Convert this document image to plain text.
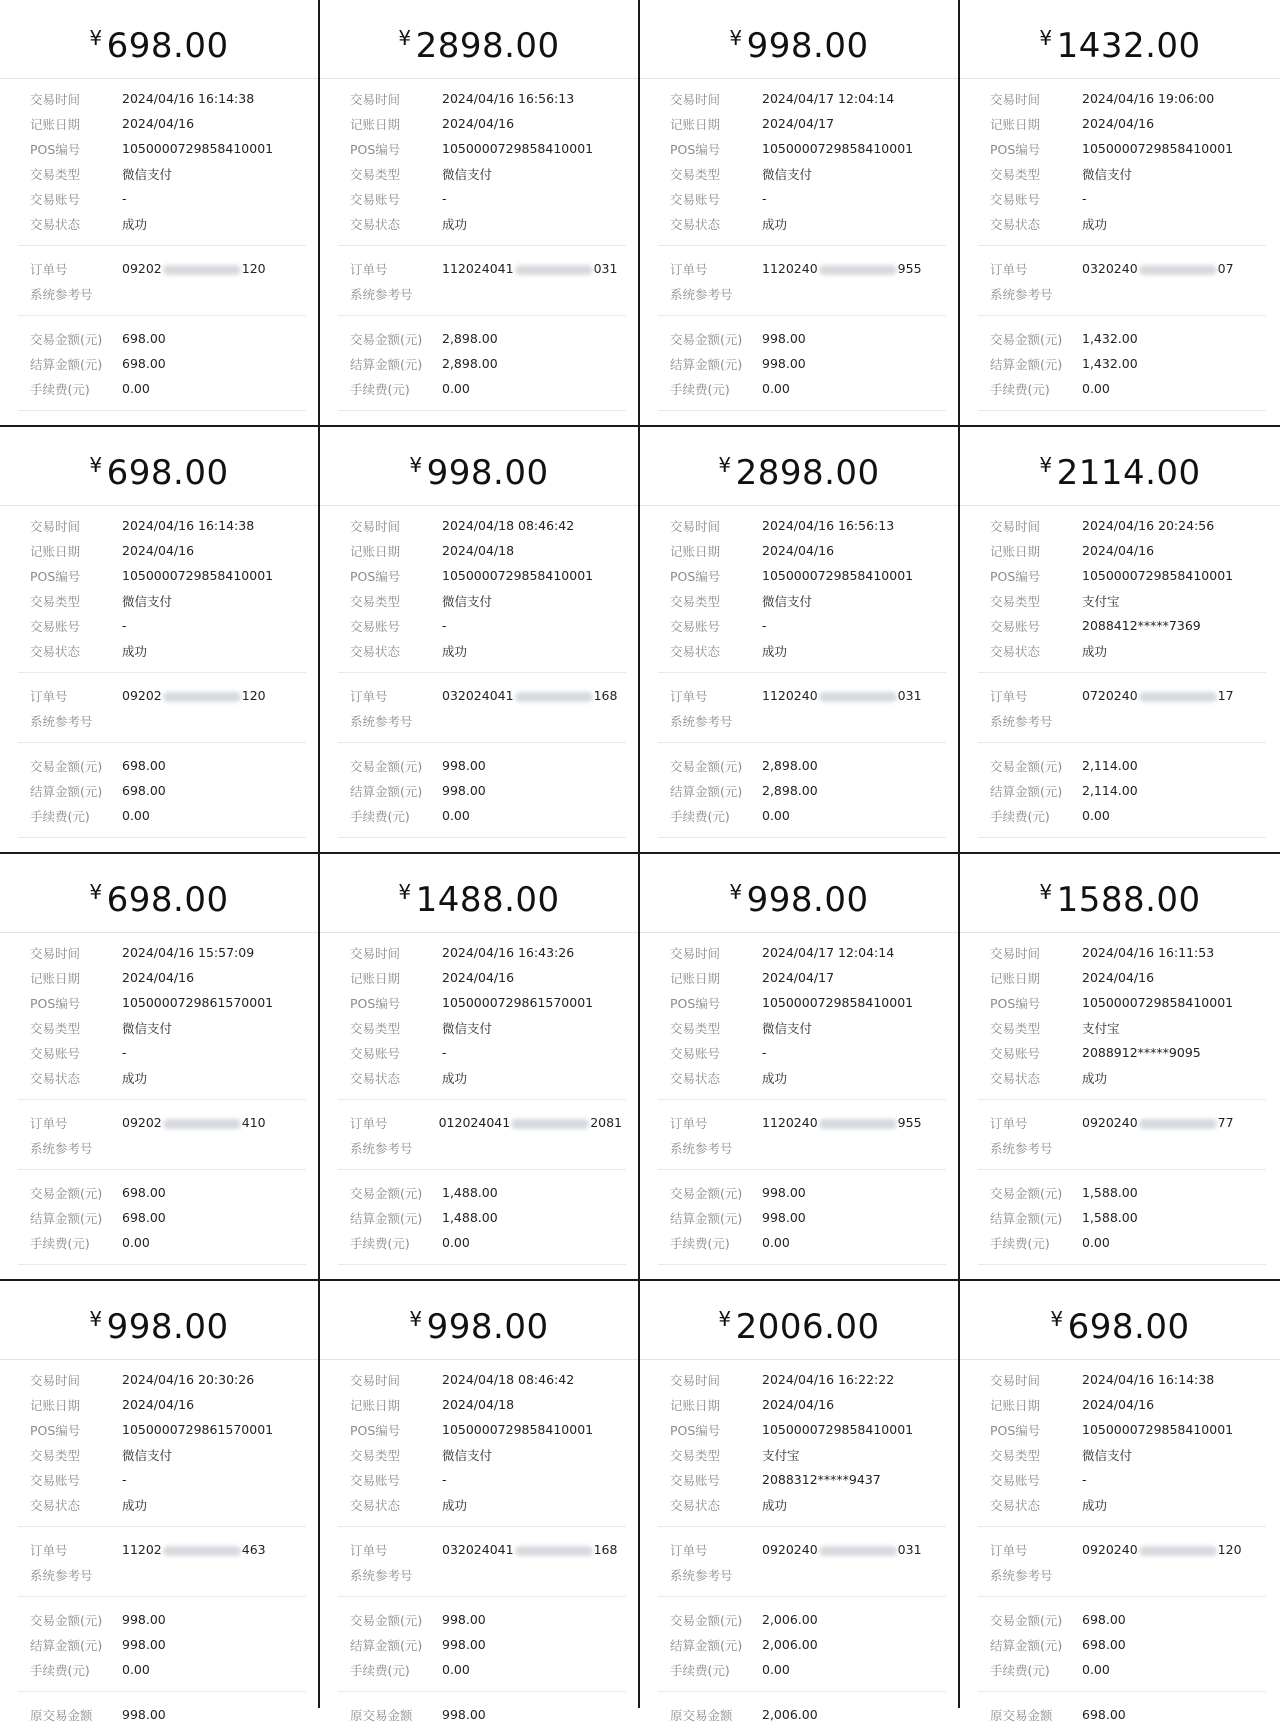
¥ 698.00
交易时间	2024/04/16 16:14:38
记账日期	2024/04/16
POS编号	1050000729858410001
交易类型	微信支付
交易账号	-
交易状态	成功
订单号	09202	120
系统参考号
交易金额(元)	698.00
结算金额(元)	698.00
手续费(元)	0.00
¥ 2898.00
交易时间	2024/04/16 16:56:13
记账日期	2024/04/16
POS编号	1050000729858410001
交易类型	微信支付
交易账号	-
交易状态	成功
订单号	112024041	031
系统参考号
交易金额(元)	2,898.00
结算金额(元)	2,898.00
手续费(元)	0.00
¥ 998.00
交易时间	2024/04/17 12:04:14
记账日期	2024/04/17
POS编号	1050000729858410001
交易类型	微信支付
交易账号	-
交易状态	成功
订单号	1120240	955
系统参考号
交易金额(元)	998.00
结算金额(元)	998.00
手续费(元)	0.00
¥ 1432.00
交易时间	2024/04/16 19:06:00
记账日期	2024/04/16
POS编号	1050000729858410001
交易类型	微信支付
交易账号	-
交易状态	成功
订单号	0320240	07
系统参考号
交易金额(元)	1,432.00
结算金额(元)	1,432.00
手续费(元)	0.00
¥ 698.00
交易时间	2024/04/16 16:14:38
记账日期	2024/04/16
POS编号	1050000729858410001
交易类型	微信支付
交易账号	-
交易状态	成功
订单号	09202	120
系统参考号
交易金额(元)	698.00
结算金额(元)	698.00
手续费(元)	0.00
¥ 998.00
交易时间	2024/04/18 08:46:42
记账日期	2024/04/18
POS编号	1050000729858410001
交易类型	微信支付
交易账号	-
交易状态	成功
订单号	032024041	168
系统参考号
交易金额(元)	998.00
结算金额(元)	998.00
手续费(元)	0.00
¥ 2898.00
交易时间	2024/04/16 16:56:13
记账日期	2024/04/16
POS编号	1050000729858410001
交易类型	微信支付
交易账号	-
交易状态	成功
订单号	1120240	031
系统参考号
交易金额(元)	2,898.00
结算金额(元)	2,898.00
手续费(元)	0.00
¥ 2114.00
交易时间	2024/04/16 20:24:56
记账日期	2024/04/16
POS编号	1050000729858410001
交易类型	支付宝
交易账号	2088412*****7369
交易状态	成功
订单号	0720240	17
系统参考号
交易金额(元)	2,114.00
结算金额(元)	2,114.00
手续费(元)	0.00
¥ 698.00
交易时间	2024/04/16 15:57:09
记账日期	2024/04/16
POS编号	1050000729861570001
交易类型	微信支付
交易账号	-
交易状态	成功
订单号	09202	410
系统参考号
交易金额(元)	698.00
结算金额(元)	698.00
手续费(元)	0.00
¥ 1488.00
交易时间	2024/04/16 16:43:26
记账日期	2024/04/16
POS编号	1050000729861570001
交易类型	微信支付
交易账号	-
交易状态	成功
订单号	012024041	2081
系统参考号
交易金额(元)	1,488.00
结算金额(元)	1,488.00
手续费(元)	0.00
¥ 998.00
交易时间	2024/04/17 12:04:14
记账日期	2024/04/17
POS编号	1050000729858410001
交易类型	微信支付
交易账号	-
交易状态	成功
订单号	1120240	955
系统参考号
交易金额(元)	998.00
结算金额(元)	998.00
手续费(元)	0.00
¥ 1588.00
交易时间	2024/04/16 16:11:53
记账日期	2024/04/16
POS编号	1050000729858410001
交易类型	支付宝
交易账号	2088912*****9095
交易状态	成功
订单号	0920240	77
系统参考号
交易金额(元)	1,588.00
结算金额(元)	1,588.00
手续费(元)	0.00
¥ 998.00
交易时间	2024/04/16 20:30:26
记账日期	2024/04/16
POS编号	1050000729861570001
交易类型	微信支付
交易账号	-
交易状态	成功
订单号	11202	463
系统参考号
交易金额(元)	998.00
结算金额(元)	998.00
手续费(元)	0.00
原交易金额	998.00
¥ 998.00
交易时间	2024/04/18 08:46:42
记账日期	2024/04/18
POS编号	1050000729858410001
交易类型	微信支付
交易账号	-
交易状态	成功
订单号	032024041	168
系统参考号
交易金额(元)	998.00
结算金额(元)	998.00
手续费(元)	0.00
原交易金额	998.00
¥ 2006.00
交易时间	2024/04/16 16:22:22
记账日期	2024/04/16
POS编号	1050000729858410001
交易类型	支付宝
交易账号	2088312*****9437
交易状态	成功
订单号	0920240	031
系统参考号
交易金额(元)	2,006.00
结算金额(元)	2,006.00
手续费(元)	0.00
原交易金额	2,006.00
¥ 698.00
交易时间	2024/04/16 16:14:38
记账日期	2024/04/16
POS编号	1050000729858410001
交易类型	微信支付
交易账号	-
交易状态	成功
订单号	0920240	120
系统参考号
交易金额(元)	698.00
结算金额(元)	698.00
手续费(元)	0.00
原交易金额	698.00
